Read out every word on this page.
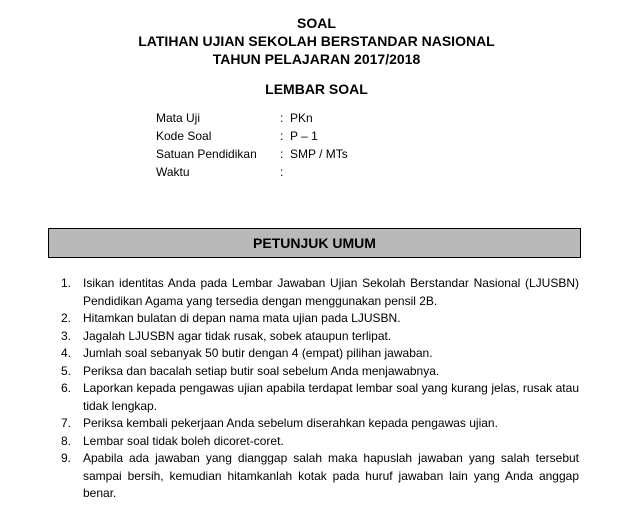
SOAL
LATIHAN UJIAN SEKOLAH BERSTANDAR NASIONAL
TAHUN PELAJARAN 2017/2018
LEMBAR SOAL
Mata Uji	: PKn
Kode Soal	: P – 1
Satuan Pendidikan	: SMP / MTs
Waktu	:
PETUNJUK UMUM
1. Isikan identitas Anda pada Lembar Jawaban Ujian Sekolah Berstandar Nasional (LJUSBN) Pendidikan Agama yang tersedia dengan menggunakan pensil 2B.
2. Hitamkan bulatan di depan nama mata ujian pada LJUSBN.
3. Jagalah LJUSBN agar tidak rusak, sobek ataupun terlipat.
4. Jumlah soal sebanyak 50 butir dengan 4 (empat) pilihan jawaban.
5. Periksa dan bacalah setiap butir soal sebelum Anda menjawabnya.
6. Laporkan kepada pengawas ujian apabila terdapat lembar soal yang kurang jelas, rusak atau tidak lengkap.
7. Periksa kembali pekerjaan Anda sebelum diserahkan kepada pengawas ujian.
8. Lembar soal tidak boleh dicoret-coret.
9. Apabila ada jawaban yang dianggap salah maka hapuslah jawaban yang salah tersebut sampai bersih, kemudian hitamkanlah kotak pada huruf jawaban lain yang Anda anggap benar.
